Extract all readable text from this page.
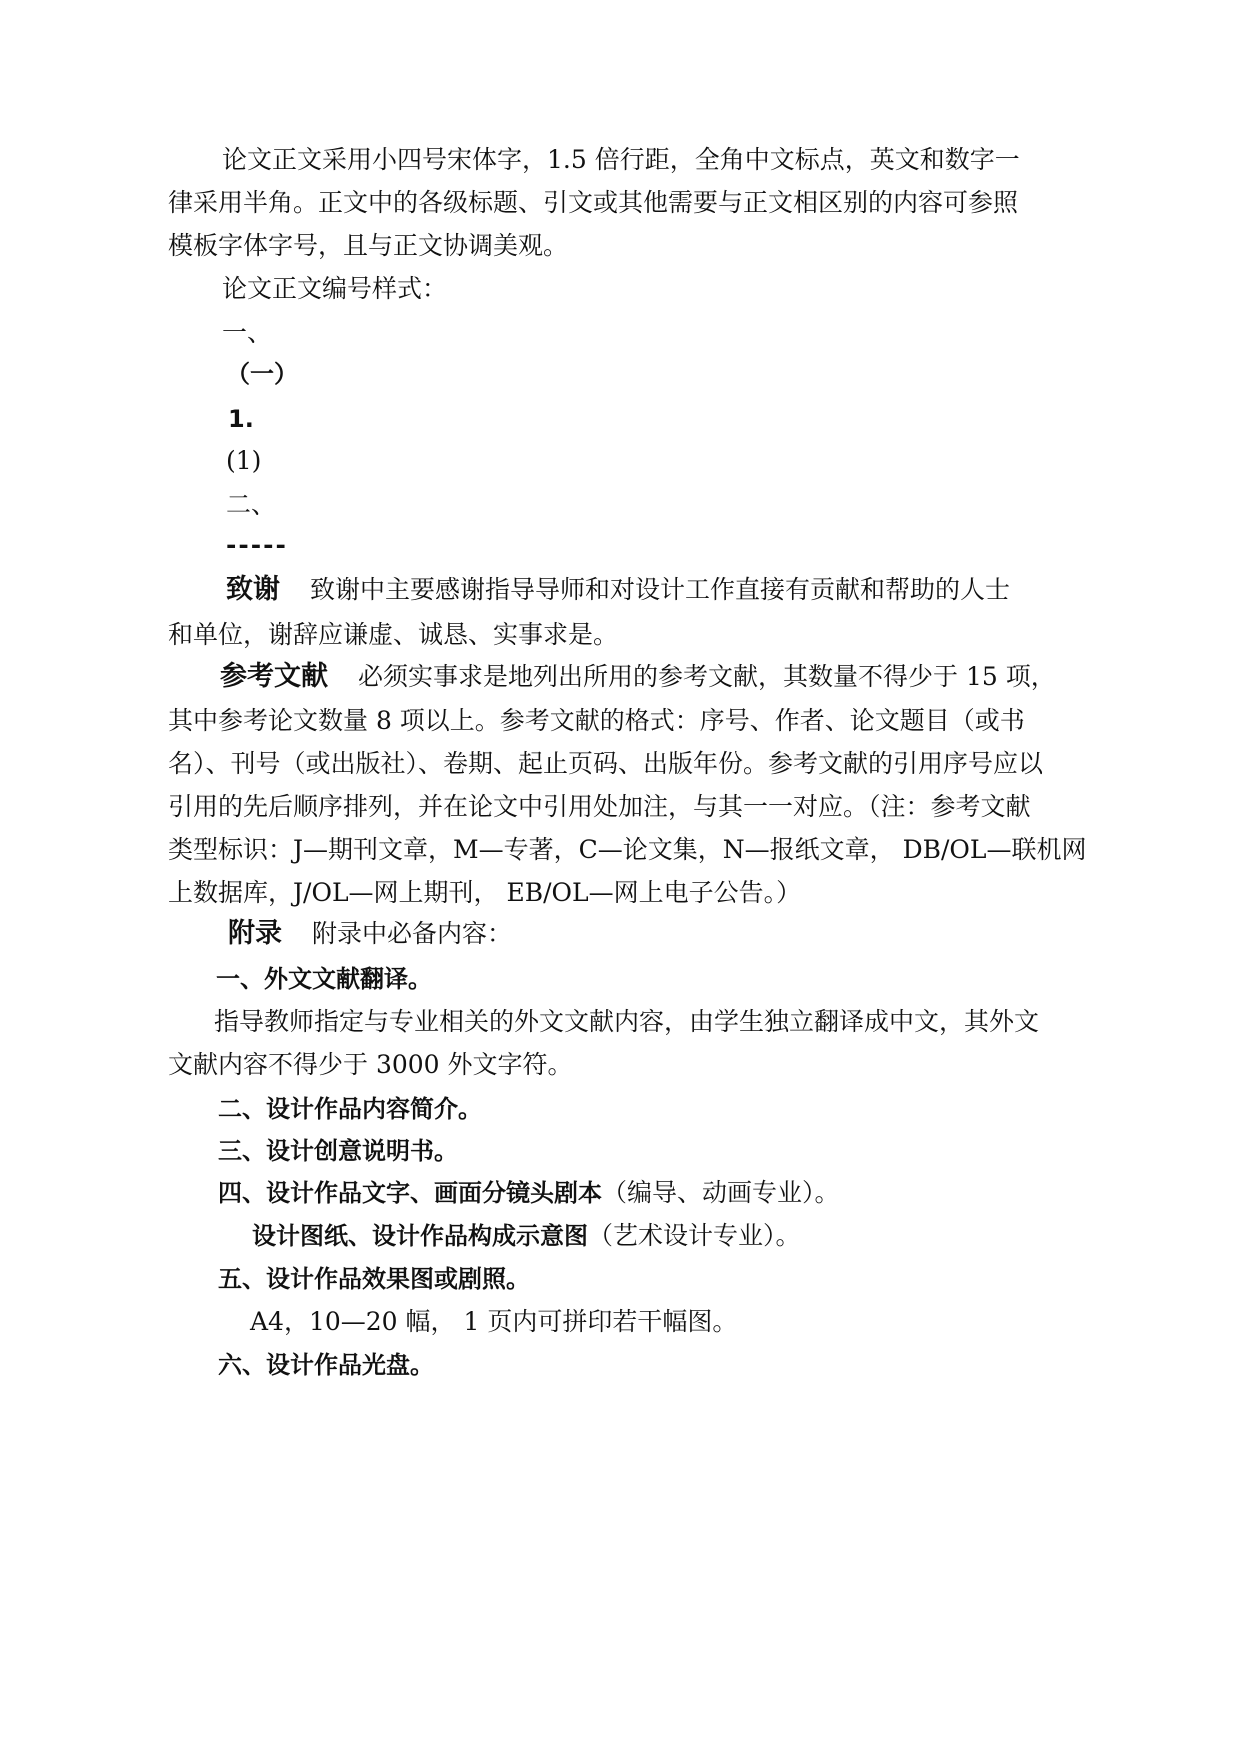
论文正文采用小四号宋体字，1.5 倍行距，全角中文标点，英文和数字一
律采用半角。正文中的各级标题、引文或其他需要与正文相区别的内容可参照
模板字体字号，且与正文协调美观。
论文正文编号样式：
一、
（一）
1.
(1)
二、
-----
致谢 致谢中主要感谢指导导师和对设计工作直接有贡献和帮助的人士
和单位，谢辞应谦虚、诚恳、实事求是。
参考文献 必须实事求是地列出所用的参考文献，其数量不得少于 15 项，
其中参考论文数量 8 项以上。参考文献的格式：序号、作者、论文题目（或书
名）、刊号（或出版社）、卷期、起止页码、出版年份。参考文献的引用序号应以
引用的先后顺序排列，并在论文中引用处加注，与其一一对应。（注：参考文献
类型标识：J—期刊文章，M—专著，C—论文集，N—报纸文章， DB/OL—联机网
上数据库，J/OL—网上期刊， EB/OL—网上电子公告。）
附录 附录中必备内容：
一、外文文献翻译。
指导教师指定与专业相关的外文文献内容，由学生独立翻译成中文，其外文
文献内容不得少于 3000 外文字符。
二、设计作品内容简介。
三、设计创意说明书。
四、设计作品文字、画面分镜头剧本（编导、动画专业）。
设计图纸、设计作品构成示意图（艺术设计专业）。
五、设计作品效果图或剧照。
A4，10—20 幅， 1 页内可拼印若干幅图。
六、设计作品光盘。
